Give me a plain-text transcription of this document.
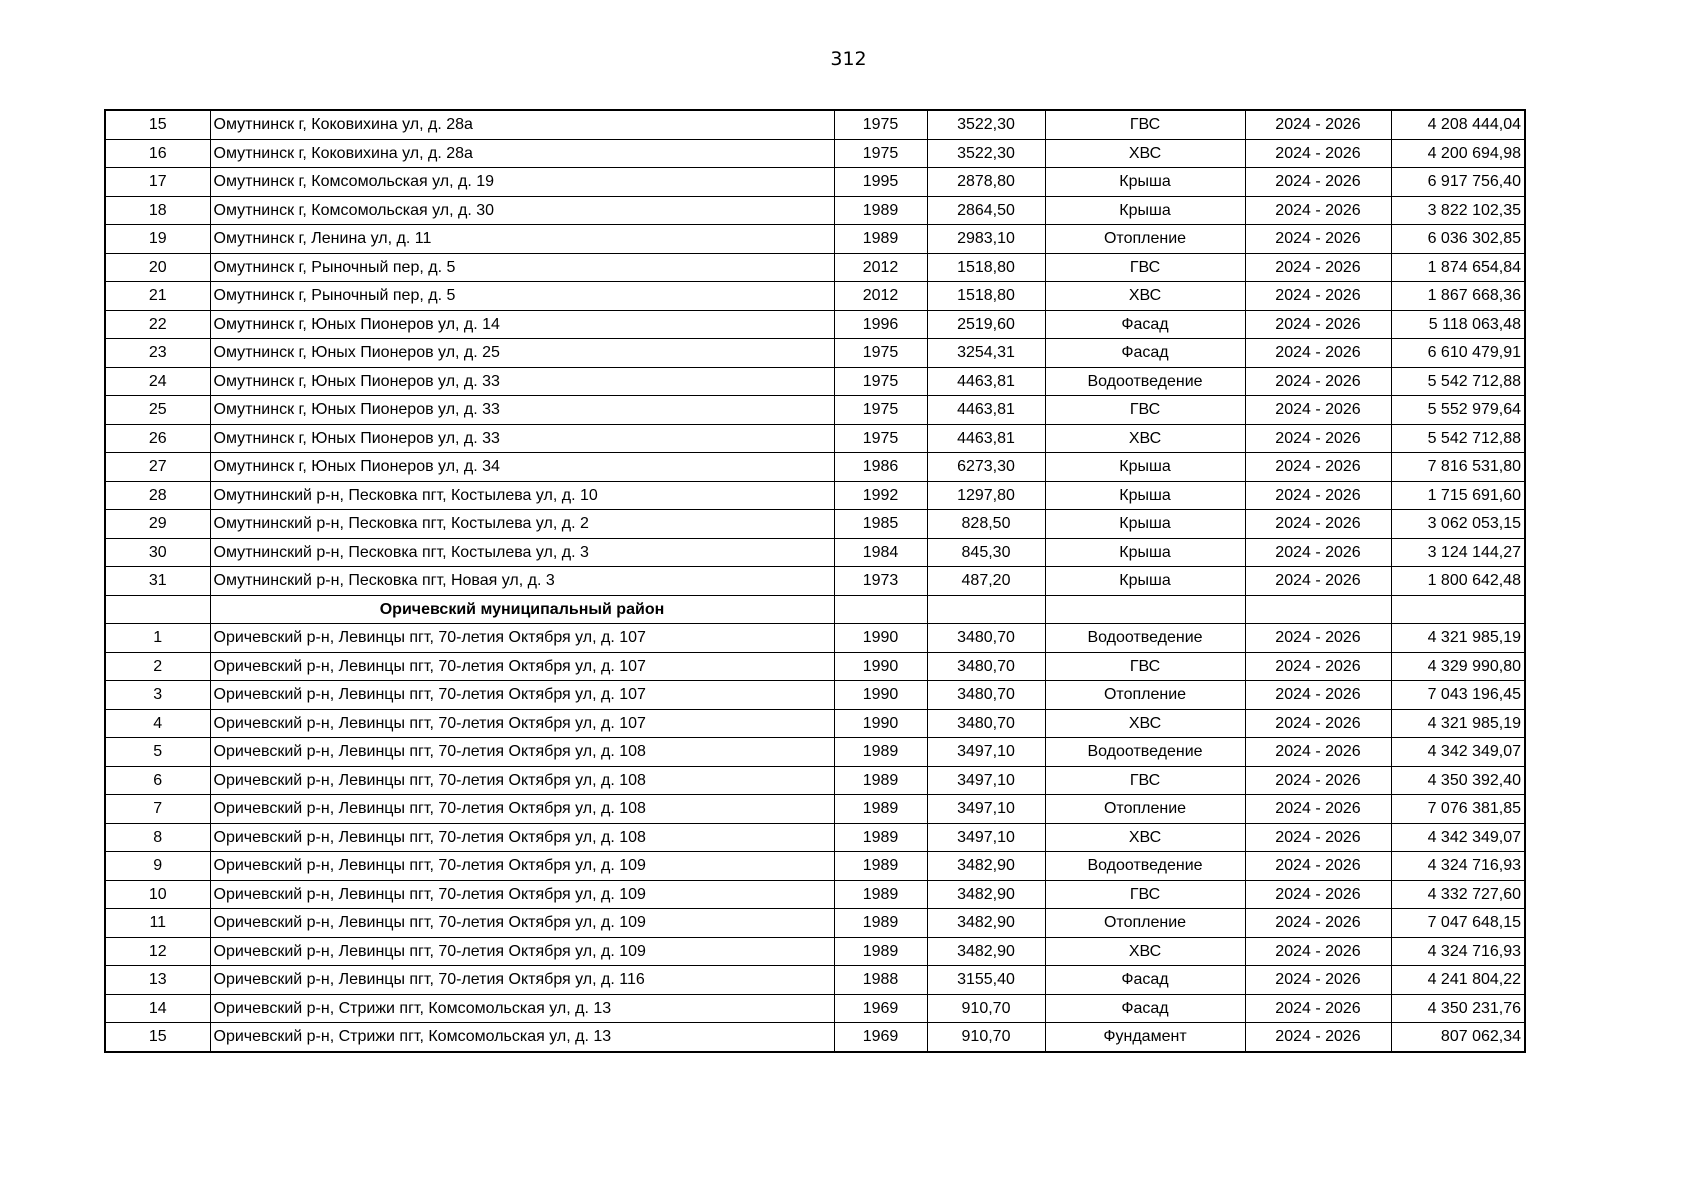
312
15	Омутнинск г, Коковихина ул, д. 28а	1975	3522,30	ГВС	2024 - 2026	4 208 444,04
16	Омутнинск г, Коковихина ул, д. 28а	1975	3522,30	ХВС	2024 - 2026	4 200 694,98
17	Омутнинск г, Комсомольская ул, д. 19	1995	2878,80	Крыша	2024 - 2026	6 917 756,40
18	Омутнинск г, Комсомольская ул, д. 30	1989	2864,50	Крыша	2024 - 2026	3 822 102,35
19	Омутнинск г, Ленина ул, д. 11	1989	2983,10	Отопление	2024 - 2026	6 036 302,85
20	Омутнинск г, Рыночный пер, д. 5	2012	1518,80	ГВС	2024 - 2026	1 874 654,84
21	Омутнинск г, Рыночный пер, д. 5	2012	1518,80	ХВС	2024 - 2026	1 867 668,36
22	Омутнинск г, Юных Пионеров ул, д. 14	1996	2519,60	Фасад	2024 - 2026	5 118 063,48
23	Омутнинск г, Юных Пионеров ул, д. 25	1975	3254,31	Фасад	2024 - 2026	6 610 479,91
24	Омутнинск г, Юных Пионеров ул, д. 33	1975	4463,81	Водоотведение	2024 - 2026	5 542 712,88
25	Омутнинск г, Юных Пионеров ул, д. 33	1975	4463,81	ГВС	2024 - 2026	5 552 979,64
26	Омутнинск г, Юных Пионеров ул, д. 33	1975	4463,81	ХВС	2024 - 2026	5 542 712,88
27	Омутнинск г, Юных Пионеров ул, д. 34	1986	6273,30	Крыша	2024 - 2026	7 816 531,80
28	Омутнинский р-н, Песковка пгт, Костылева ул, д. 10	1992	1297,80	Крыша	2024 - 2026	1 715 691,60
29	Омутнинский р-н, Песковка пгт, Костылева ул, д. 2	1985	828,50	Крыша	2024 - 2026	3 062 053,15
30	Омутнинский р-н, Песковка пгт, Костылева ул, д. 3	1984	845,30	Крыша	2024 - 2026	3 124 144,27
31	Омутнинский р-н, Песковка пгт, Новая ул, д. 3	1973	487,20	Крыша	2024 - 2026	1 800 642,48
	Оричевский муниципальный район					
1	Оричевский р-н, Левинцы пгт, 70-летия Октября ул, д. 107	1990	3480,70	Водоотведение	2024 - 2026	4 321 985,19
2	Оричевский р-н, Левинцы пгт, 70-летия Октября ул, д. 107	1990	3480,70	ГВС	2024 - 2026	4 329 990,80
3	Оричевский р-н, Левинцы пгт, 70-летия Октября ул, д. 107	1990	3480,70	Отопление	2024 - 2026	7 043 196,45
4	Оричевский р-н, Левинцы пгт, 70-летия Октября ул, д. 107	1990	3480,70	ХВС	2024 - 2026	4 321 985,19
5	Оричевский р-н, Левинцы пгт, 70-летия Октября ул, д. 108	1989	3497,10	Водоотведение	2024 - 2026	4 342 349,07
6	Оричевский р-н, Левинцы пгт, 70-летия Октября ул, д. 108	1989	3497,10	ГВС	2024 - 2026	4 350 392,40
7	Оричевский р-н, Левинцы пгт, 70-летия Октября ул, д. 108	1989	3497,10	Отопление	2024 - 2026	7 076 381,85
8	Оричевский р-н, Левинцы пгт, 70-летия Октября ул, д. 108	1989	3497,10	ХВС	2024 - 2026	4 342 349,07
9	Оричевский р-н, Левинцы пгт, 70-летия Октября ул, д. 109	1989	3482,90	Водоотведение	2024 - 2026	4 324 716,93
10	Оричевский р-н, Левинцы пгт, 70-летия Октября ул, д. 109	1989	3482,90	ГВС	2024 - 2026	4 332 727,60
11	Оричевский р-н, Левинцы пгт, 70-летия Октября ул, д. 109	1989	3482,90	Отопление	2024 - 2026	7 047 648,15
12	Оричевский р-н, Левинцы пгт, 70-летия Октября ул, д. 109	1989	3482,90	ХВС	2024 - 2026	4 324 716,93
13	Оричевский р-н, Левинцы пгт, 70-летия Октября ул, д. 116	1988	3155,40	Фасад	2024 - 2026	4 241 804,22
14	Оричевский р-н, Стрижи пгт, Комсомольская ул, д. 13	1969	910,70	Фасад	2024 - 2026	4 350 231,76
15	Оричевский р-н, Стрижи пгт, Комсомольская ул, д. 13	1969	910,70	Фундамент	2024 - 2026	807 062,34
